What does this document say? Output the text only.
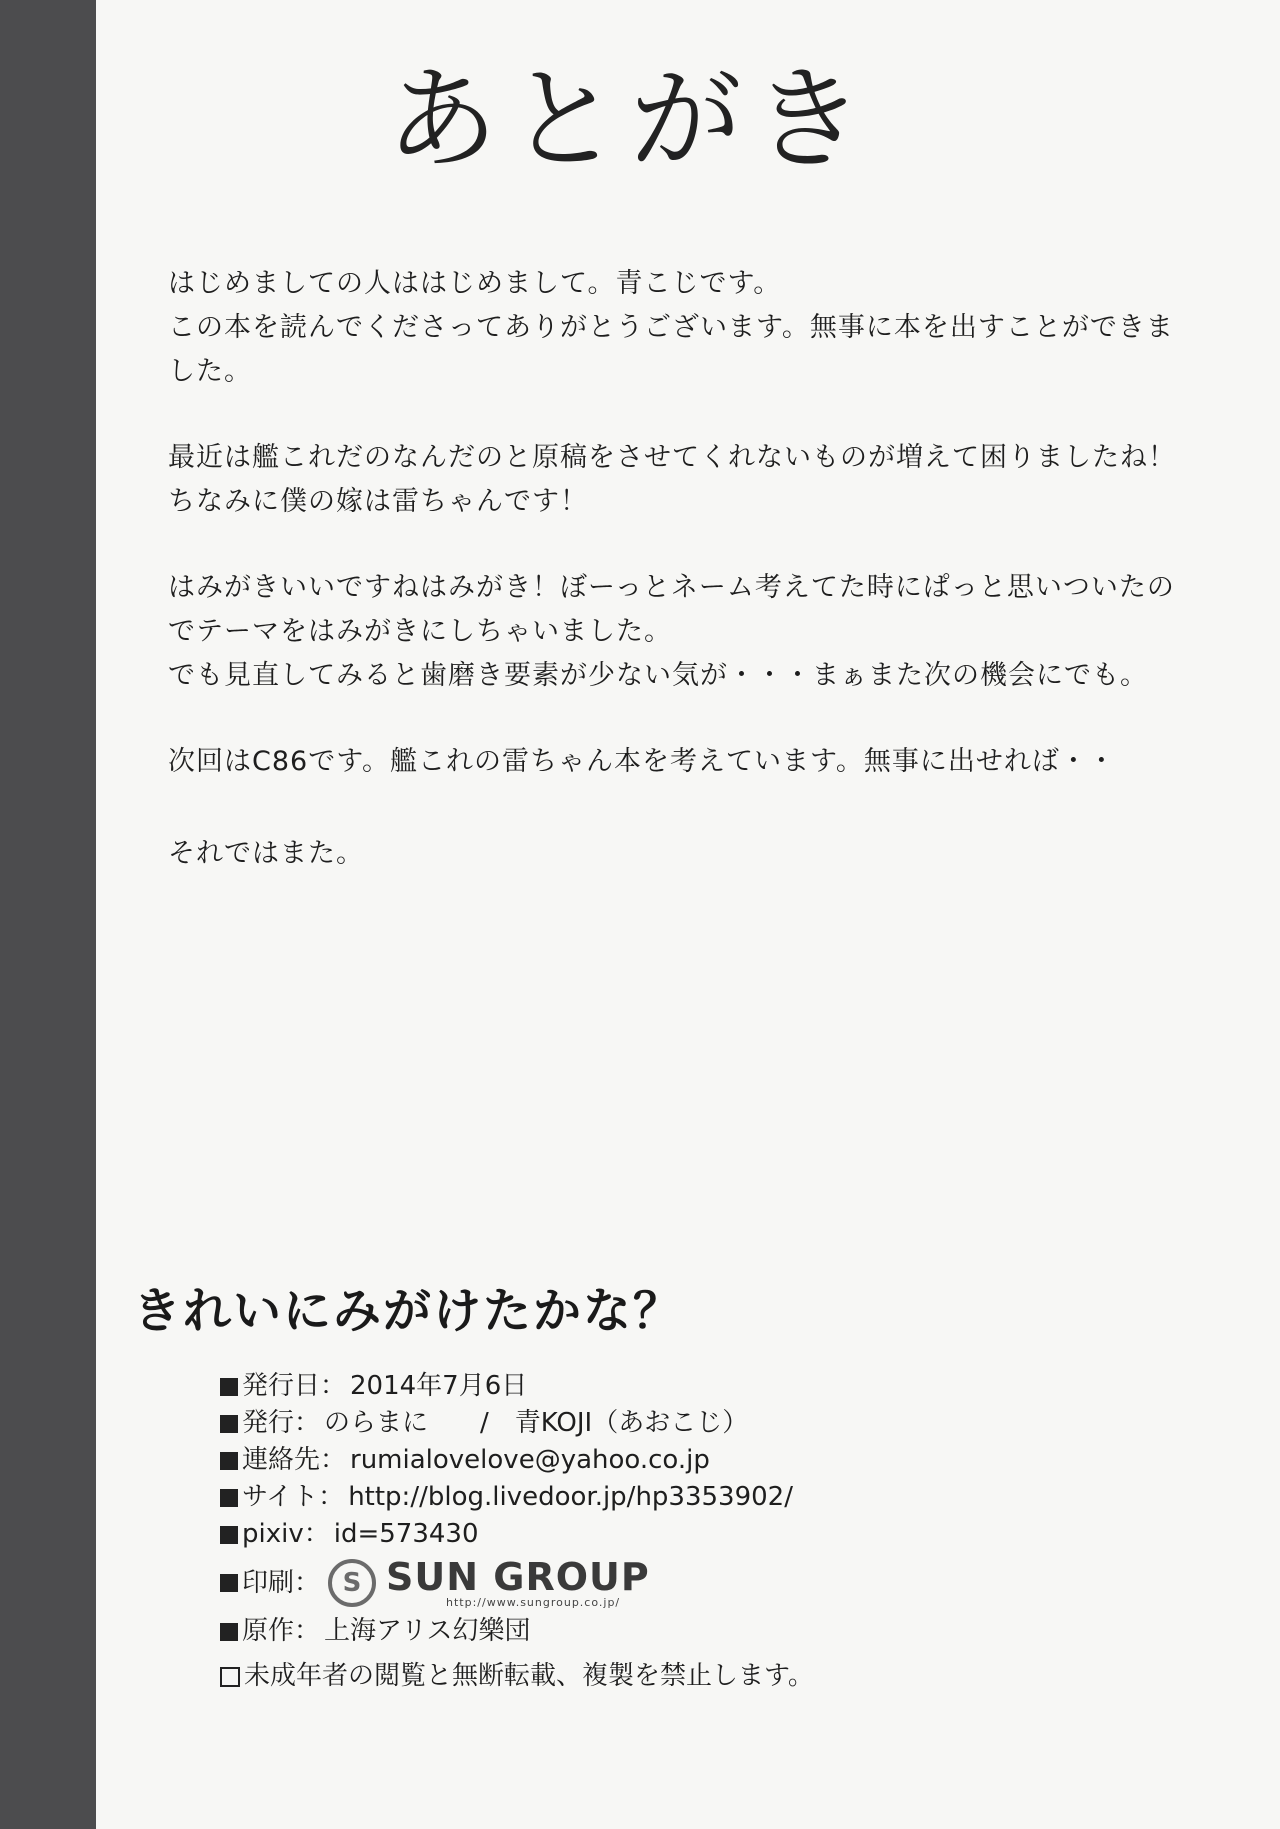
あとがき

はじめましての人ははじめまして。青こじです。
この本を読んでくださってありがとうございます。無事に本を出すことができま
した。

最近は艦これだのなんだのと原稿をさせてくれないものが増えて困りましたね！
ちなみに僕の嫁は雷ちゃんです！

はみがきいいですねはみがき！ぼーっとネーム考えてた時にぱっと思いついたの
でテーマをはみがきにしちゃいました。
でも見直してみると歯磨き要素が少ない気が・・・まぁまた次の機会にでも。

次回はC86です。艦これの雷ちゃん本を考えています。無事に出せれば・・

それではまた。

きれいにみがけたかな？
発行日： 2014年7月6日
発行： のらまに　　/　青KOJI（あおこじ）
連絡先： rumialovelove@yahoo.co.jp
サイト： http://blog.livedoor.jp/hp3353902/
pixiv： id=573430
印刷： S SUN GROUP
http://www.sungroup.co.jp/
原作： 上海アリス幻樂団
未成年者の閲覧と無断転載、複製を禁止します。
